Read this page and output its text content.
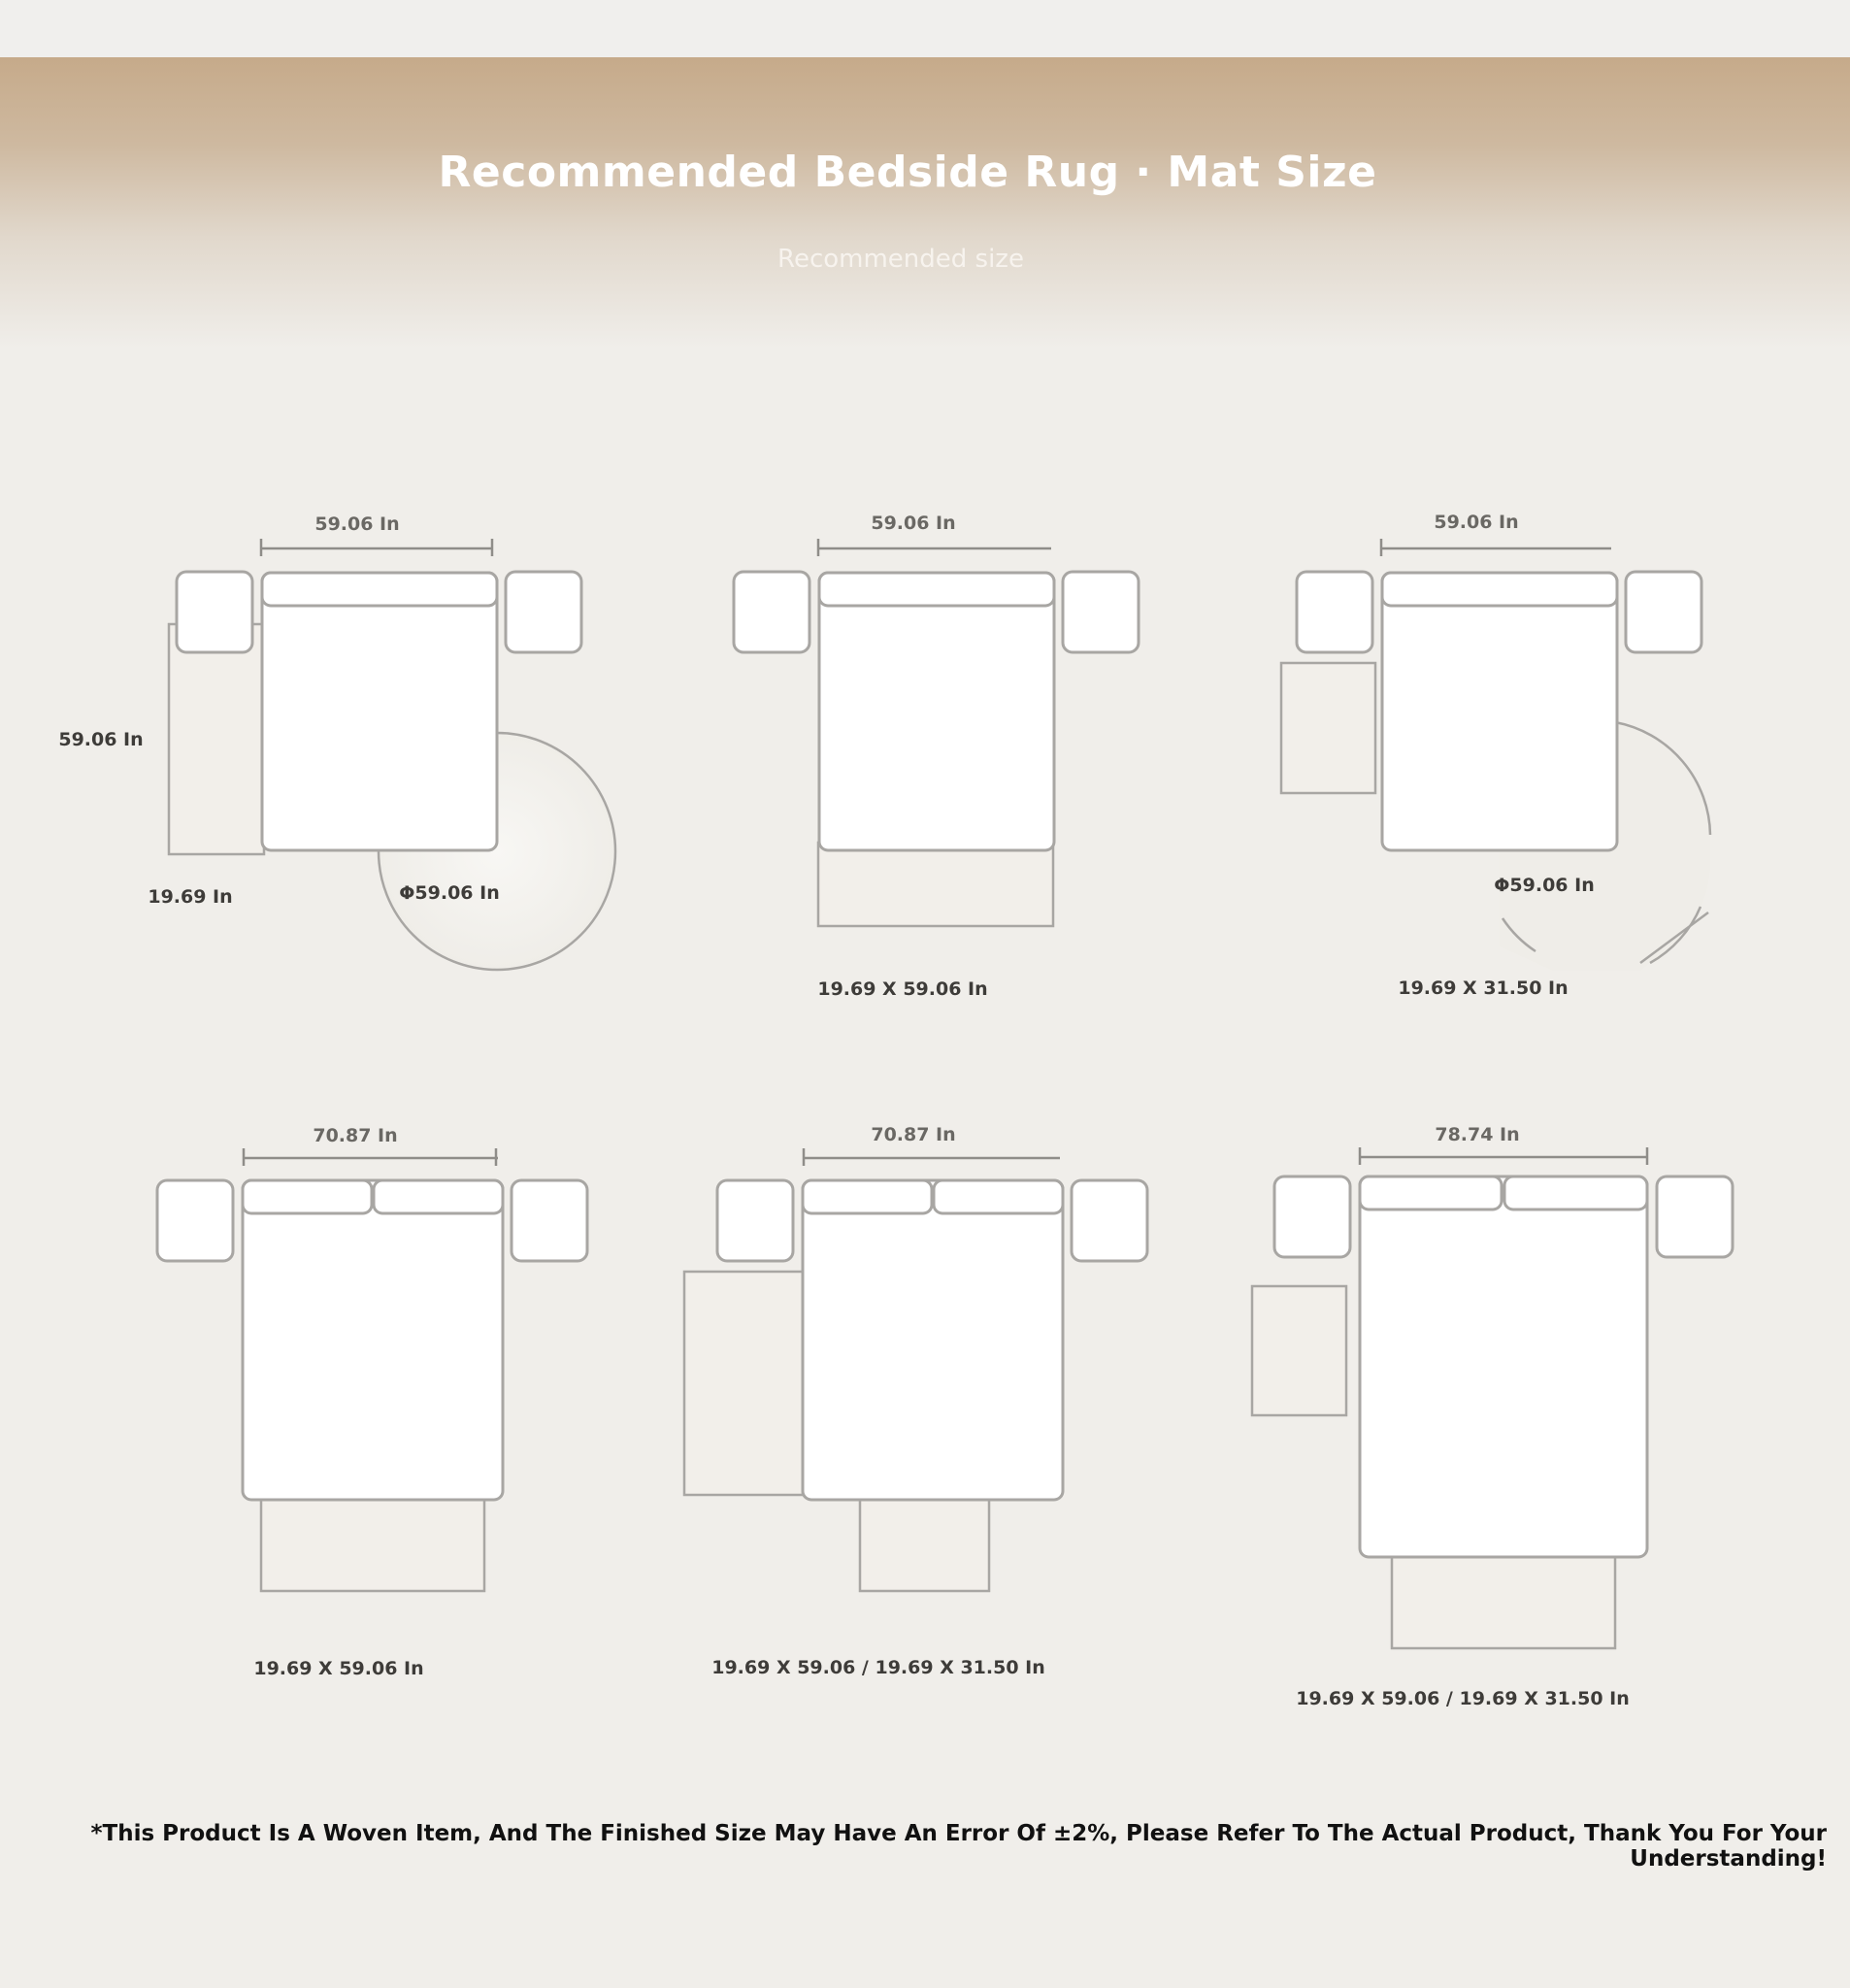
Recommended Bedside Rug · Mat Size
Recommended size
59.06 In
59.06 In
19.69 In	Φ59.06 In
59.06 In
19.69 X 59.06 In
59.06 In
Φ59.06 In
19.69 X 31.50 In
70.87 In
19.69 X 59.06 In
70.87 In
19.69 X 59.06 / 19.69 X 31.50 In
78.74 In
19.69 X 59.06 / 19.69 X 31.50 In
*This Product Is A Woven Item, And The Finished Size May Have An Error Of ±2%, Please Refer To The Actual Product, Thank You For Your Understanding!
